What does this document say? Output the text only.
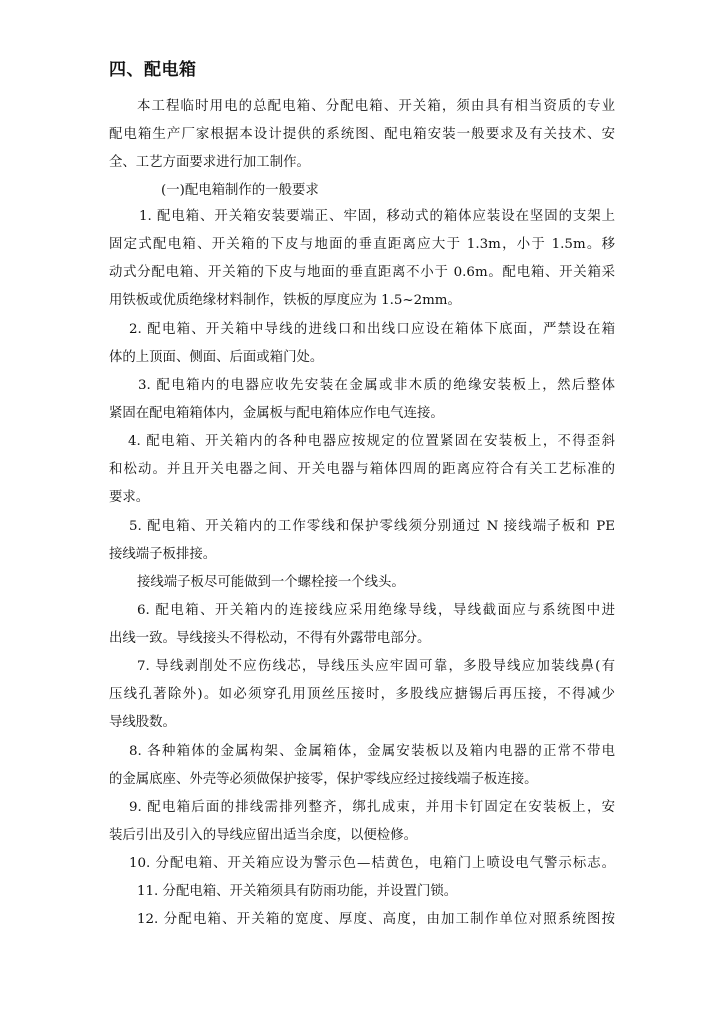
四、配电箱
本工程临时用电的总配电箱、分配电箱、开关箱，须由具有相当资质的专业
配电箱生产厂家根据本设计提供的系统图、配电箱安装一般要求及有关技术、安
全、工艺方面要求进行加工制作。
(一)配电箱制作的一般要求
1. 配电箱、开关箱安装要端正、牢固，移动式的箱体应装设在坚固的支架上
固定式配电箱、开关箱的下皮与地面的垂直距离应大于 1.3m，小于 1.5m。移
动式分配电箱、开关箱的下皮与地面的垂直距离不小于 0.6m。配电箱、开关箱采
用铁板或优质绝缘材料制作，铁板的厚度应为 1.5~2mm。
2. 配电箱、开关箱中导线的进线口和出线口应设在箱体下底面，严禁设在箱
体的上顶面、侧面、后面或箱门处。
3. 配电箱内的电器应收先安装在金属或非木质的绝缘安装板上，然后整体
紧固在配电箱箱体内，金属板与配电箱体应作电气连接。
4. 配电箱、开关箱内的各种电器应按规定的位置紧固在安装板上，不得歪斜
和松动。并且开关电器之间、开关电器与箱体四周的距离应符合有关工艺标准的
要求。
5. 配电箱、开关箱内的工作零线和保护零线须分别通过 N 接线端子板和 PE
接线端子板排接。
接线端子板尽可能做到一个螺栓接一个线头。
6. 配电箱、开关箱内的连接线应采用绝缘导线，导线截面应与系统图中进
出线一致。导线接头不得松动，不得有外露带电部分。
7. 导线剥削处不应伤线芯，导线压头应牢固可靠，多股导线应加装线鼻(有
压线孔著除外)。如必须穿孔用顶丝压接时，多股线应搪锡后再压接，不得减少
导线股数。
8. 各种箱体的金属构架、金属箱体，金属安装板以及箱内电器的正常不带电
的金属底座、外壳等必须做保护接零，保护零线应经过接线端子板连接。
9. 配电箱后面的排线需排列整齐，绑扎成束，并用卡钉固定在安装板上，安
装后引出及引入的导线应留出适当余度，以便检修。
10. 分配电箱、开关箱应设为警示色—桔黄色，电箱门上喷设电气警示标志。
11. 分配电箱、开关箱须具有防雨功能，并设置门锁。
12. 分配电箱、开关箱的宽度、厚度、高度，由加工制作单位对照系统图按
